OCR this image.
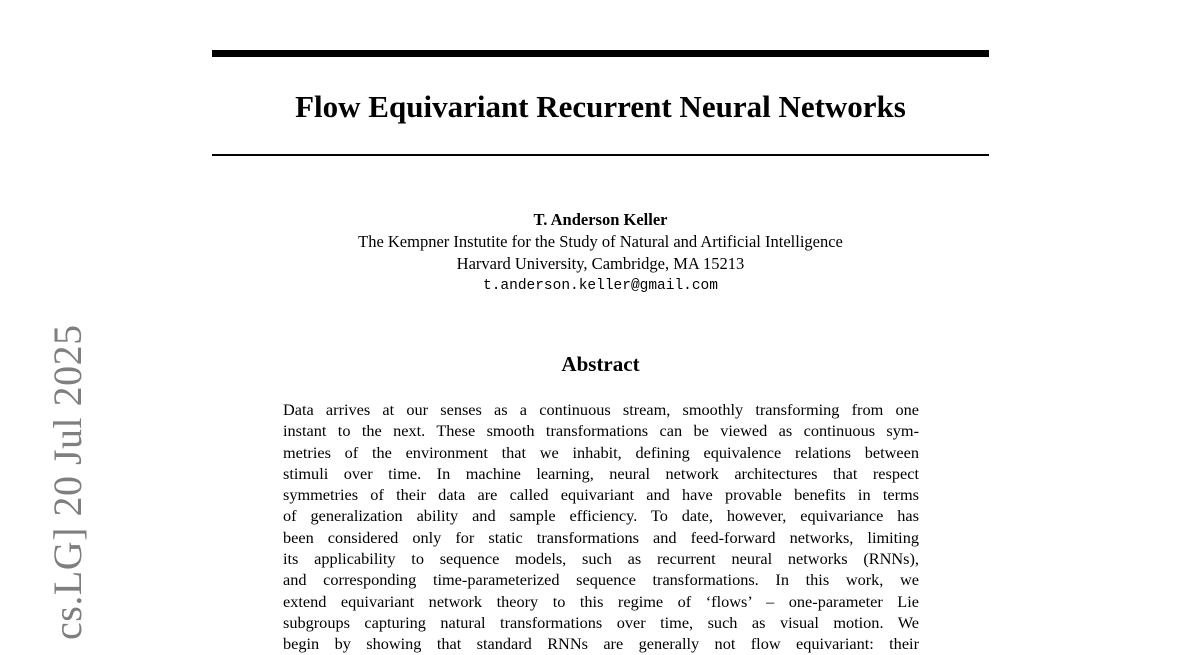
cs.LG] 20 Jul 2025
Flow Equivariant Recurrent Neural Networks
T. Anderson Keller
The Kempner Instutite for the Study of Natural and Artificial Intelligence
Harvard University, Cambridge, MA 15213
t.anderson.keller@gmail.com
Abstract
Data arrives at our senses as a continuous stream, smoothly transforming from one
instant to the next. These smooth transformations can be viewed as continuous sym-
metries of the environment that we inhabit, defining equivalence relations between
stimuli over time. In machine learning, neural network architectures that respect
symmetries of their data are called equivariant and have provable benefits in terms
of generalization ability and sample efficiency. To date, however, equivariance has
been considered only for static transformations and feed-forward networks, limiting
its applicability to sequence models, such as recurrent neural networks (RNNs),
and corresponding time-parameterized sequence transformations. In this work, we
extend equivariant network theory to this regime of ‘flows’ – one-parameter Lie
subgroups capturing natural transformations over time, such as visual motion. We
begin by showing that standard RNNs are generally not flow equivariant: their
